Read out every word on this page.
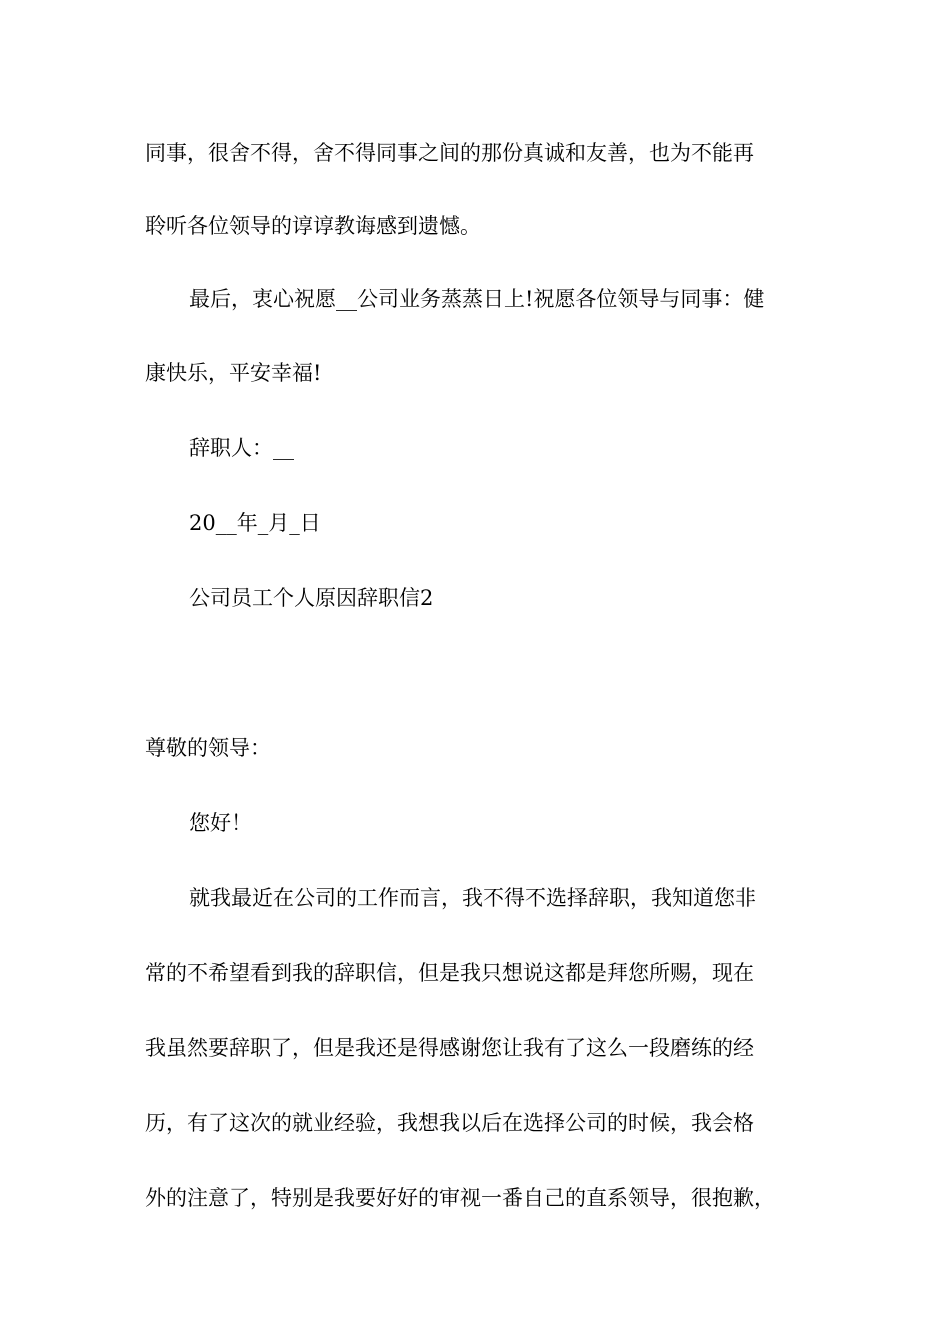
同事，很舍不得，舍不得同事之间的那份真诚和友善，也为不能再

聆听各位领导的谆谆教诲感到遗憾。

最后，衷心祝愿__公司业务蒸蒸日上!祝愿各位领导与同事：健

康快乐，平安幸福!

辞职人：__

20__年_月_日

公司员工个人原因辞职信2

尊敬的领导：

您好！

就我最近在公司的工作而言，我不得不选择辞职，我知道您非

常的不希望看到我的辞职信，但是我只想说这都是拜您所赐，现在

我虽然要辞职了，但是我还是得感谢您让我有了这么一段磨练的经

历，有了这次的就业经验，我想我以后在选择公司的时候，我会格

外的注意了，特别是我要好好的审视一番自己的直系领导，很抱歉，
